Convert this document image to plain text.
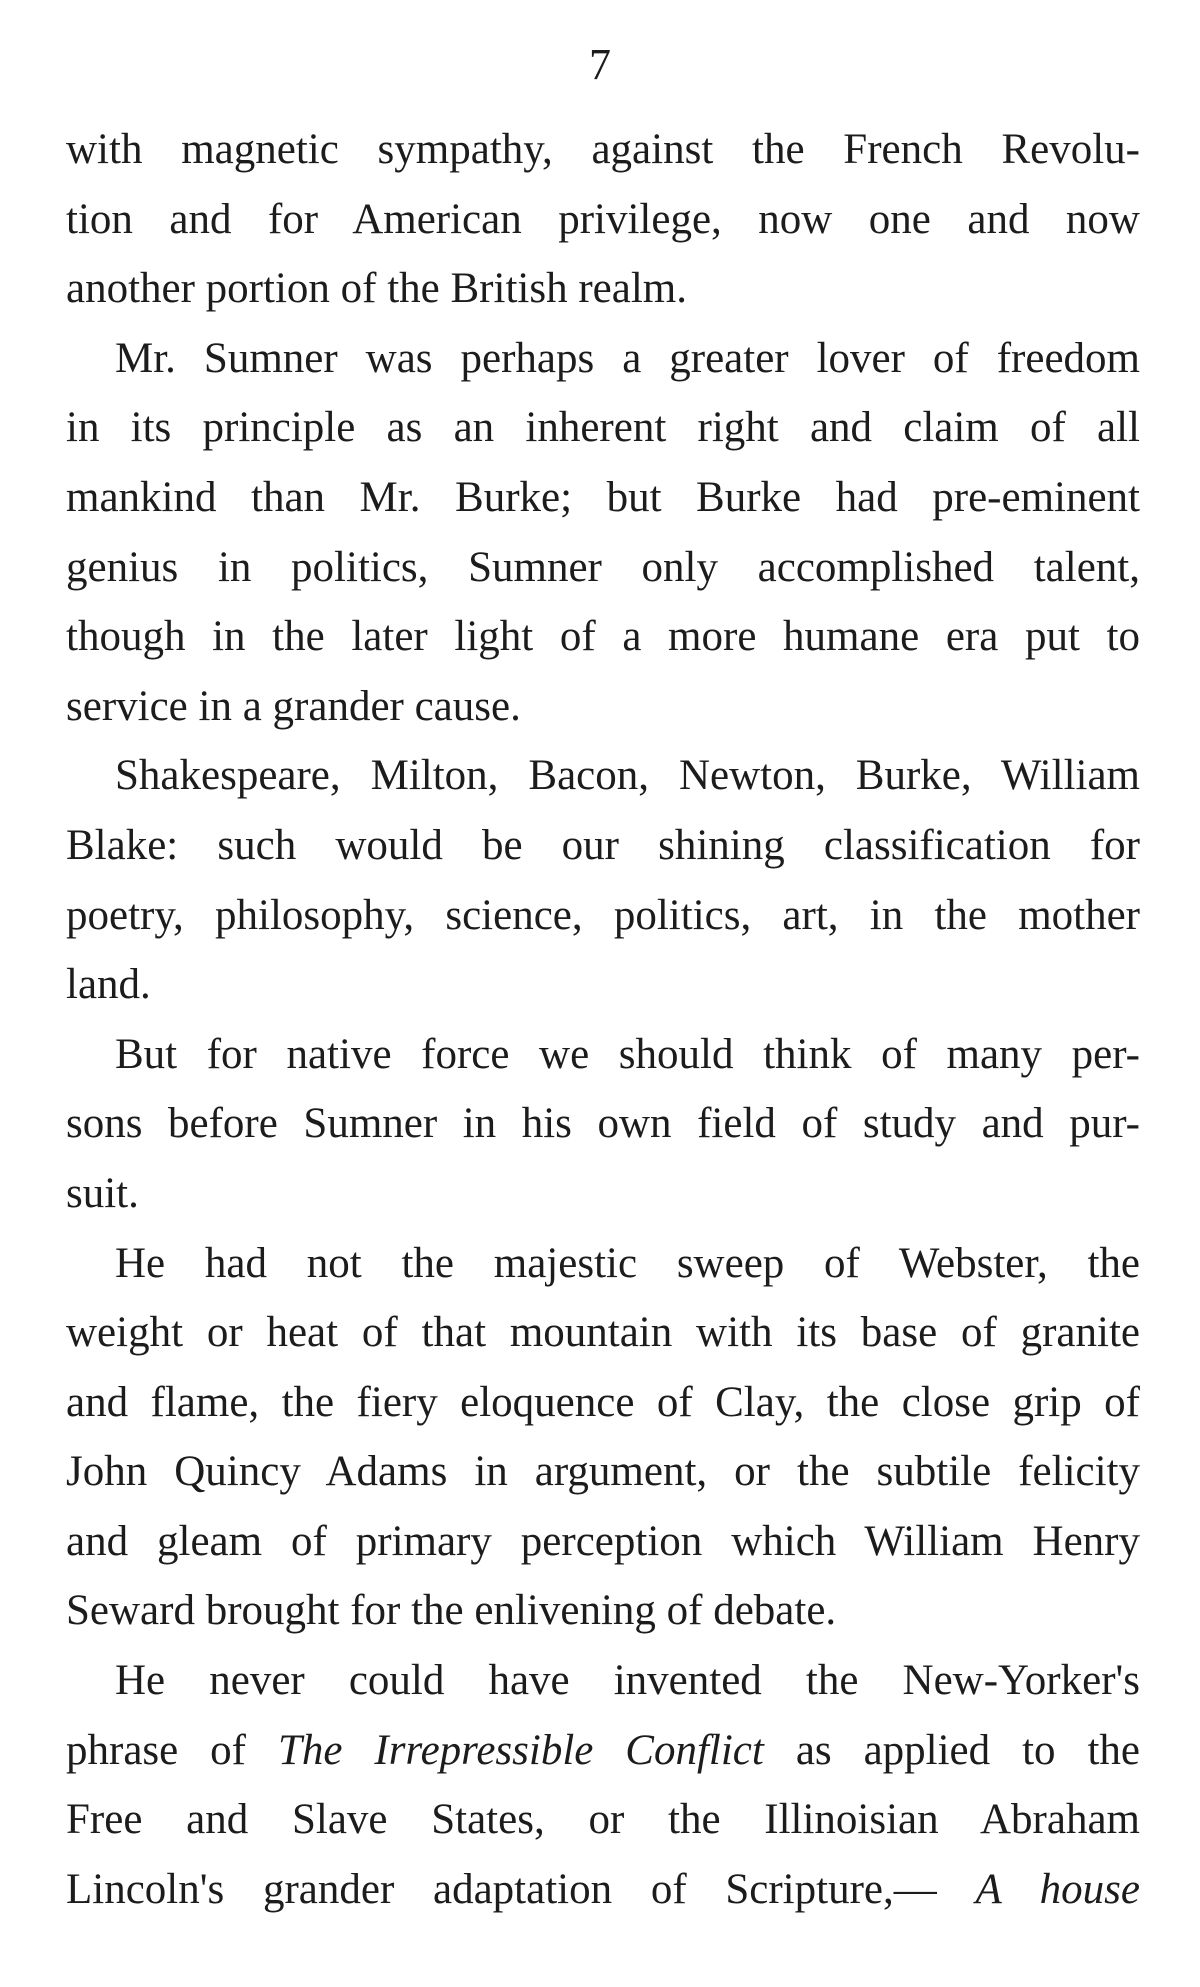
7
with magnetic sympathy, against the French Revolu-
tion and for American privilege, now one and now
another portion of the British realm.
Mr. Sumner was perhaps a greater lover of freedom
in its principle as an inherent right and claim of all
mankind than Mr. Burke; but Burke had pre-eminent
genius in politics, Sumner only accomplished talent,
though in the later light of a more humane era put to
service in a grander cause.
Shakespeare, Milton, Bacon, Newton, Burke, William
Blake: such would be our shining classification for
poetry, philosophy, science, politics, art, in the mother
land.
But for native force we should think of many per-
sons before Sumner in his own field of study and pur-
suit.
He had not the majestic sweep of Webster, the
weight or heat of that mountain with its base of granite
and flame, the fiery eloquence of Clay, the close grip of
John Quincy Adams in argument, or the subtile felicity
and gleam of primary perception which William Henry
Seward brought for the enlivening of debate.
He never could have invented the New-Yorker's
phrase of The Irrepressible Conflict as applied to the
Free and Slave States, or the Illinoisian Abraham
Lincoln's grander adaptation of Scripture,— A house
